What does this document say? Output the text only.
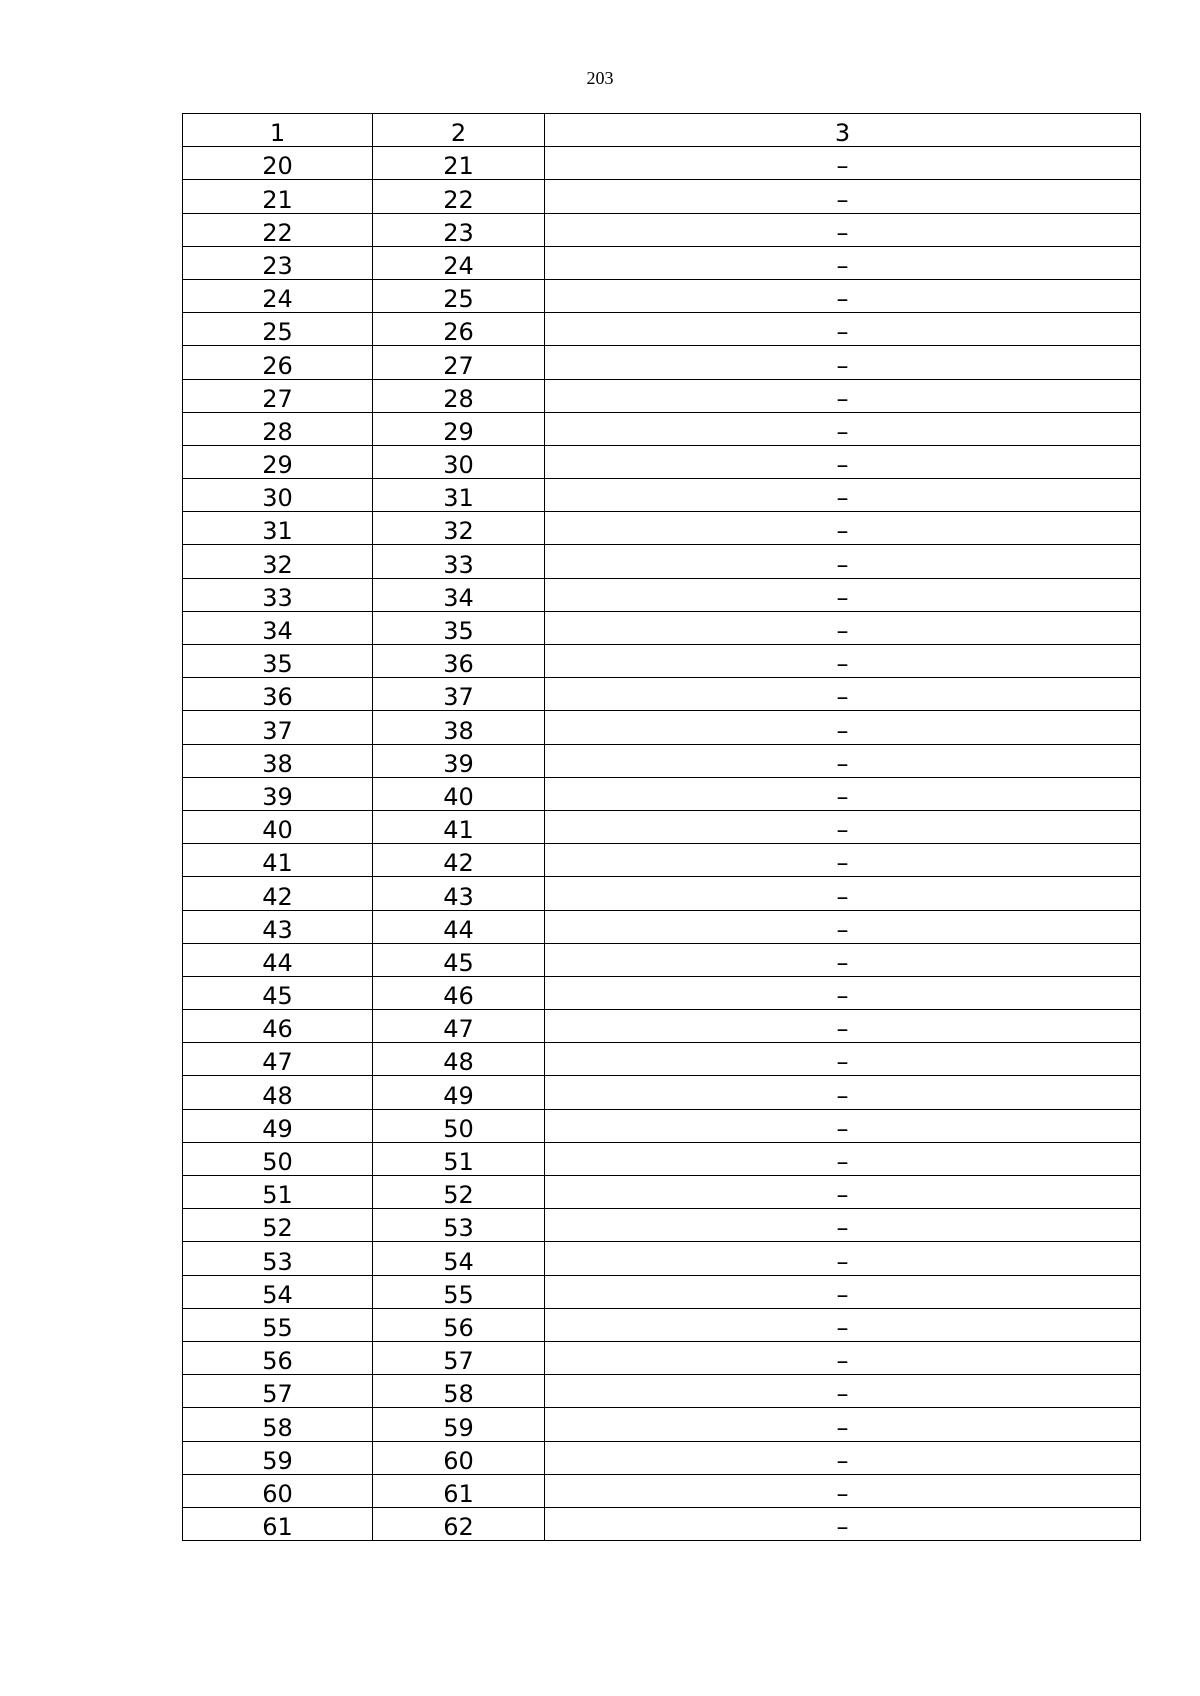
203
1	2	3
20	21	–
21	22	–
22	23	–
23	24	–
24	25	–
25	26	–
26	27	–
27	28	–
28	29	–
29	30	–
30	31	–
31	32	–
32	33	–
33	34	–
34	35	–
35	36	–
36	37	–
37	38	–
38	39	–
39	40	–
40	41	–
41	42	–
42	43	–
43	44	–
44	45	–
45	46	–
46	47	–
47	48	–
48	49	–
49	50	–
50	51	–
51	52	–
52	53	–
53	54	–
54	55	–
55	56	–
56	57	–
57	58	–
58	59	–
59	60	–
60	61	–
61	62	–
